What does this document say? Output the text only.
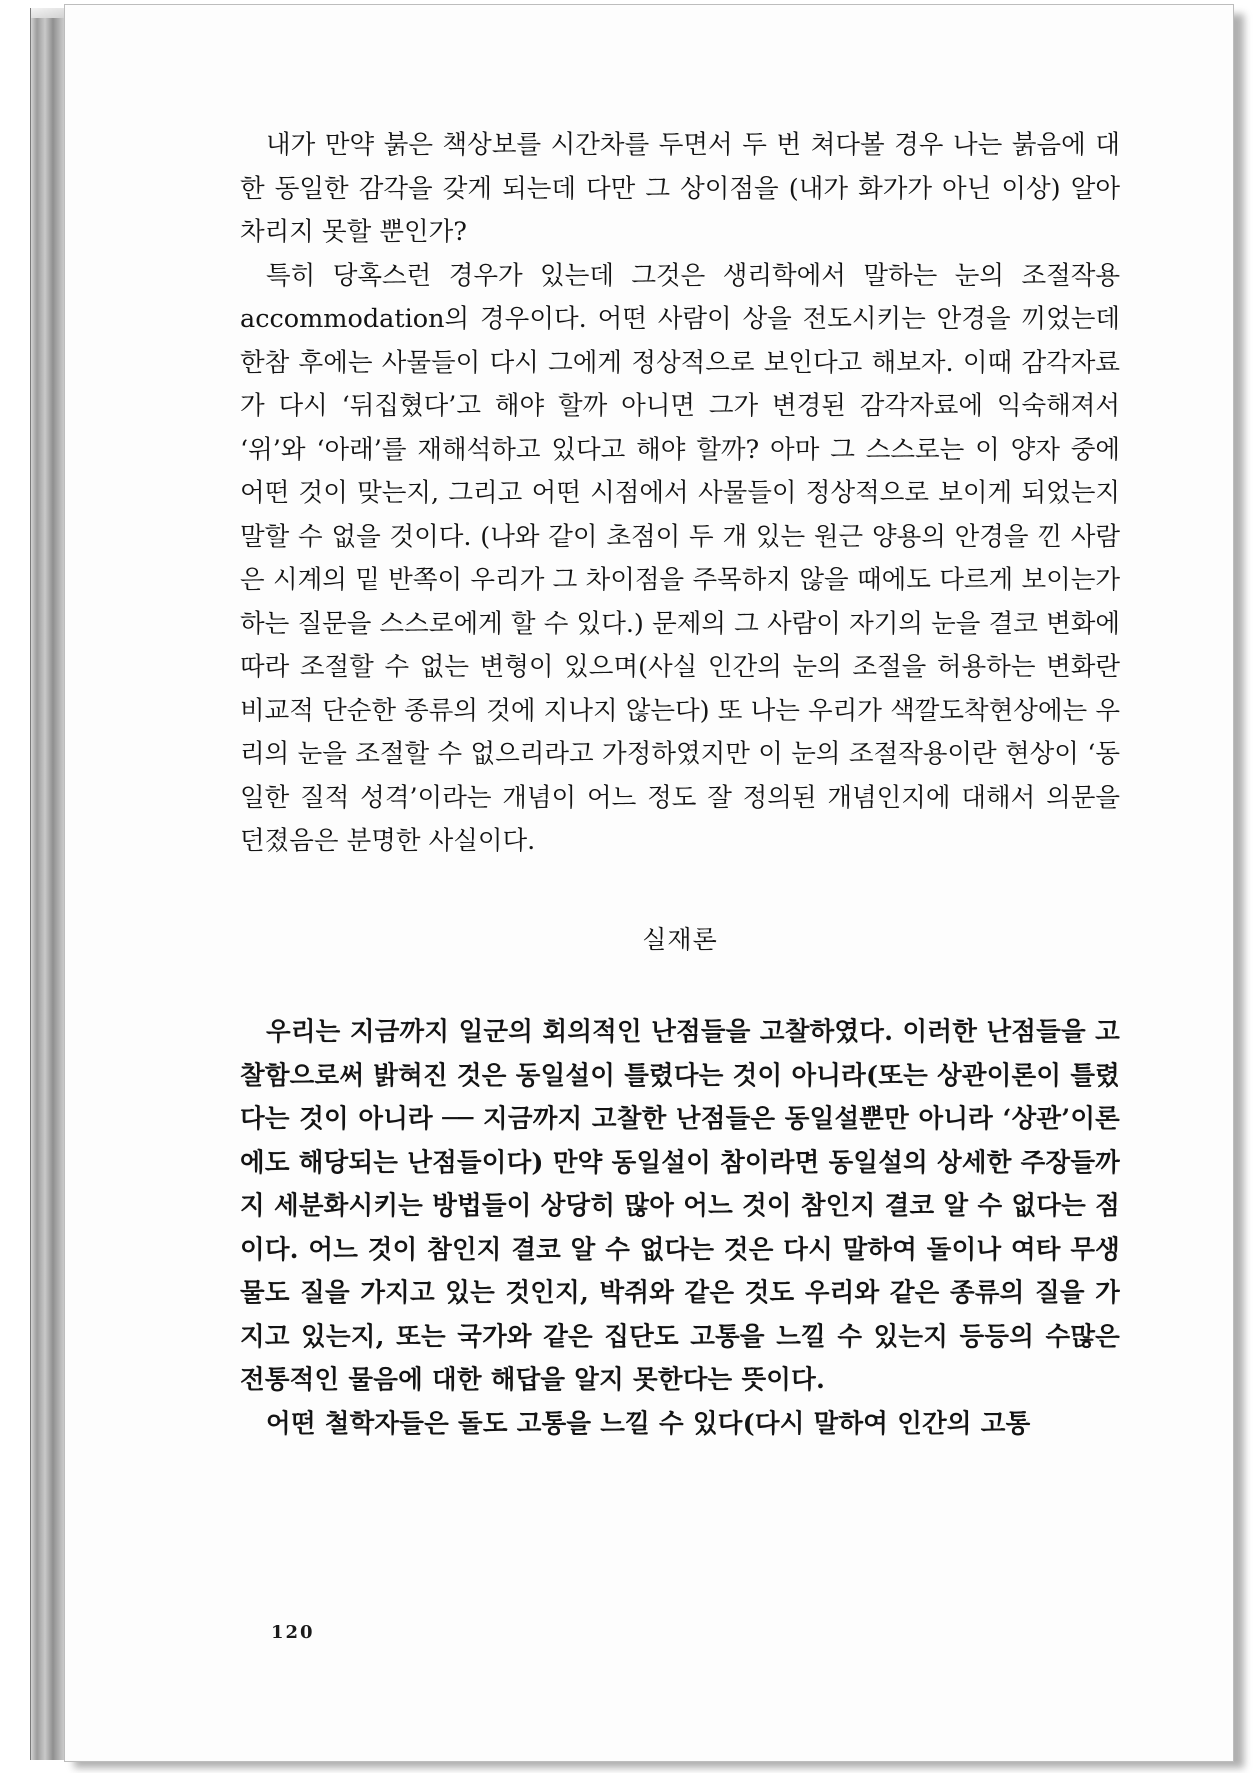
내가 만약 붉은 책상보를 시간차를 두면서 두 번 쳐다볼 경우 나는 붉음에 대한 동일한 감각을 갖게 되는데 다만 그 상이점을 (내가 화가가 아닌 이상) 알아차리지 못할 뿐인가?

특히 당혹스런 경우가 있는데 그것은 생리학에서 말하는 눈의 조절작용accommodation의 경우이다. 어떤 사람이 상을 전도시키는 안경을 끼었는데 한참 후에는 사물들이 다시 그에게 정상적으로 보인다고 해보자. 이때 감각자료가 다시 ‘뒤집혔다’고 해야 할까 아니면 그가 변경된 감각자료에 익숙해져서 ‘위’와 ‘아래’를 재해석하고 있다고 해야 할까? 아마 그 스스로는 이 양자 중에 어떤 것이 맞는지, 그리고 어떤 시점에서 사물들이 정상적으로 보이게 되었는지 말할 수 없을 것이다. (나와 같이 초점이 두 개 있는 원근 양용의 안경을 낀 사람은 시계의 밑 반쪽이 우리가 그 차이점을 주목하지 않을 때에도 다르게 보이는가 하는 질문을 스스로에게 할 수 있다.) 문제의 그 사람이 자기의 눈을 결코 변화에 따라 조절할 수 없는 변형이 있으며(사실 인간의 눈의 조절을 허용하는 변화란 비교적 단순한 종류의 것에 지나지 않는다) 또 나는 우리가 색깔도착현상에는 우리의 눈을 조절할 수 없으리라고 가정하였지만 이 눈의 조절작용이란 현상이 ‘동일한 질적 성격’이라는 개념이 어느 정도 잘 정의된 개념인지에 대해서 의문을 던졌음은 분명한 사실이다.

실재론

우리는 지금까지 일군의 회의적인 난점들을 고찰하였다. 이러한 난점들을 고찰함으로써 밝혀진 것은 동일설이 틀렸다는 것이 아니라(또는 상관이론이 틀렸다는 것이 아니라 ── 지금까지 고찰한 난점들은 동일설뿐만 아니라 ‘상관’이론에도 해당되는 난점들이다) 만약 동일설이 참이라면 동일설의 상세한 주장들까지 세분화시키는 방법들이 상당히 많아 어느 것이 참인지 결코 알 수 없다는 점이다. 어느 것이 참인지 결코 알 수 없다는 것은 다시 말하여 돌이나 여타 무생물도 질을 가지고 있는 것인지, 박쥐와 같은 것도 우리와 같은 종류의 질을 가지고 있는지, 또는 국가와 같은 집단도 고통을 느낄 수 있는지 등등의 수많은 전통적인 물음에 대한 해답을 알지 못한다는 뜻이다.

어떤 철학자들은 돌도 고통을 느낄 수 있다(다시 말하여 인간의 고통

120
